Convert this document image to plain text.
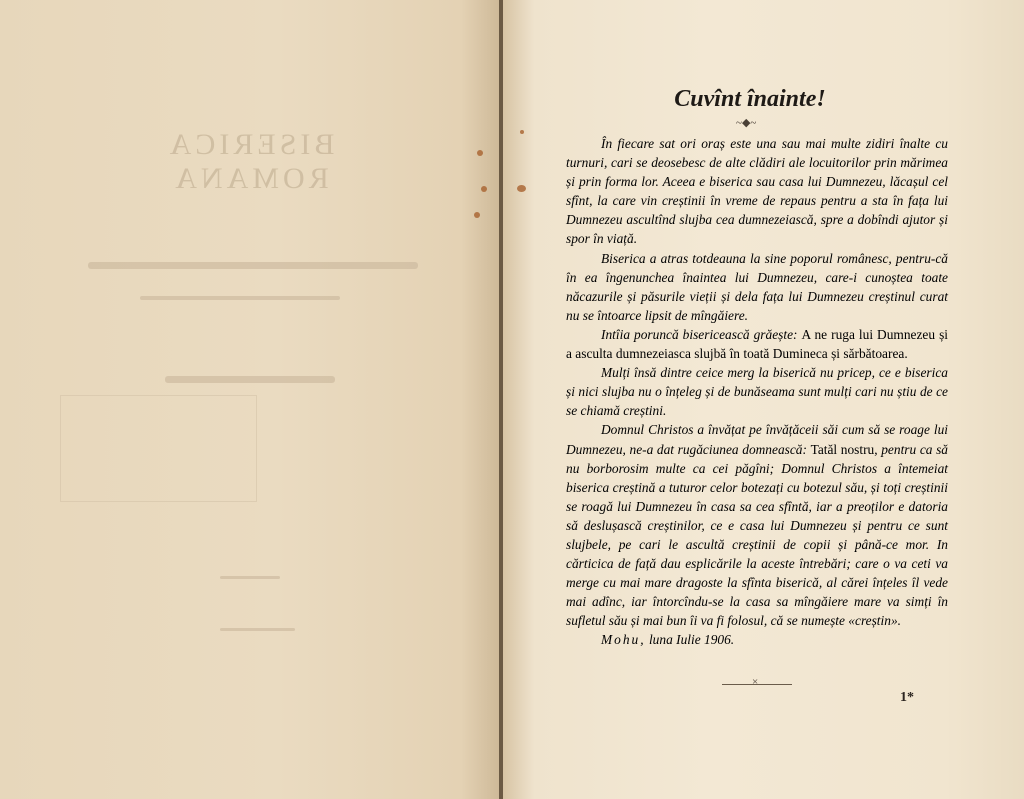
BISERICA ROMANA
Cuvînt înainte!
~◆~

În fiecare sat ori oraș este una sau mai multe zidiri înalte cu turnuri, cari se deosebesc de alte clădiri ale locuitorilor prin mărimea și prin forma lor. Aceea e biserica sau casa lui Dumnezeu, lăcașul cel sfînt, la care vin creștinii în vreme de repaus pentru a sta în fața lui Dumnezeu ascultînd slujba cea dumnezeiască, spre a dobîndi ajutor și spor în viață.

Biserica a atras totdeauna la sine poporul românesc, pentru-că în ea îngenunchea înaintea lui Dumnezeu, care-i cunoștea toate năcazurile și păsurile vieții și dela fața lui Dumnezeu creștinul curat nu se întoarce lipsit de mîngăiere.

Intîia poruncă bisericească grăește: A ne ruga lui Dumnezeu și a asculta dumnezeiasca slujbă în toată Dumineca și sărbătoarea.

Mulți însă dintre ceice merg la biserică nu pricep, ce e biserica și nici slujba nu o înțeleg și de bunăseama sunt mulți cari nu știu de ce se chiamă creștini.

Domnul Christos a învățat pe învățăceii săi cum să se roage lui Dumnezeu, ne-a dat rugăciunea domnească: Tatăl nostru, pentru ca să nu borborosim multe ca cei păgîni; Domnul Christos a întemeiat biserica creștină a tuturor celor botezați cu botezul său, și toți creștinii se roagă lui Dumnezeu în casa sa cea sfîntă, iar a preoților e datoria să deslușască creștinilor, ce e casa lui Dumnezeu și pentru ce sunt slujbele, pe cari le ascultă creștinii de copii și până-ce mor. In cărticica de față dau esplicările la aceste întrebări; care o va ceti va merge cu mai mare dragoste la sfînta biserică, al cărei înțeles îl vede mai adînc, iar întorcîndu-se la casa sa mîngăiere mare va simți în sufletul său și mai bun îi va fi folosul, că se numește «creștin».

Mohu, luna Iulie 1906.

×
1*
